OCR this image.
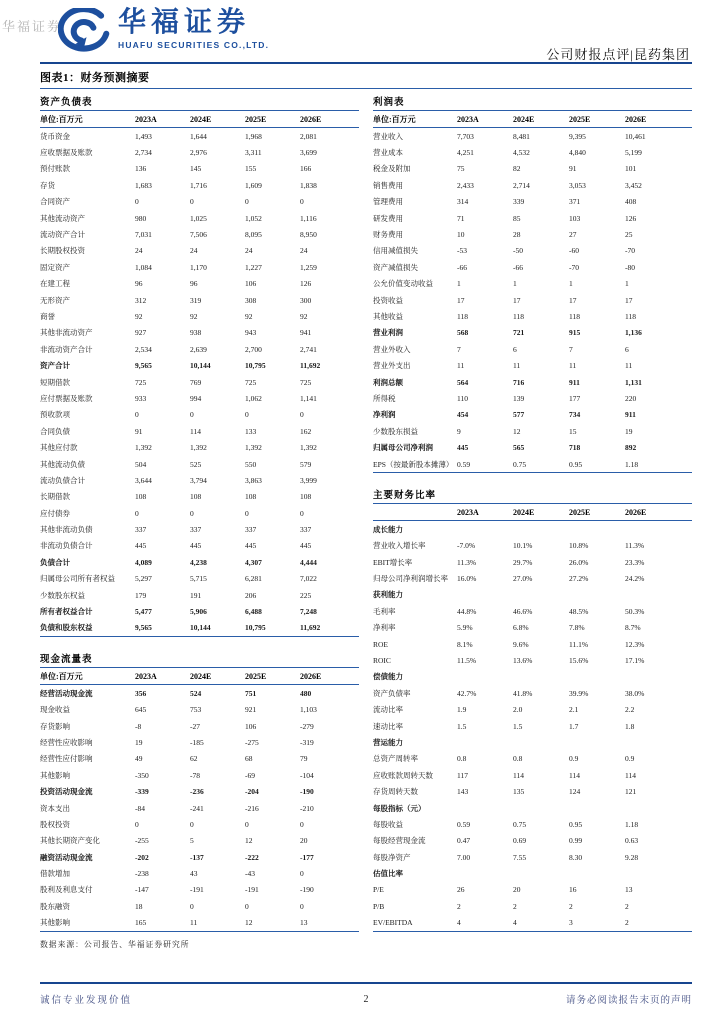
华福证券 华福证券
HUAFU SECURITIES CO.,LTD.
公司财报点评|昆药集团
图表1：财务预测摘要
资产负债表
单位:百万元	2023A	2024E	2025E	2026E
货币资金	1,493	1,644	1,968	2,081
应收票据及账款	2,734	2,976	3,311	3,699
预付账款	136	145	155	166
存货	1,683	1,716	1,609	1,838
合同资产	0	0	0	0
其他流动资产	980	1,025	1,052	1,116
流动资产合计	7,031	7,506	8,095	8,950
长期股权投资	24	24	24	24
固定资产	1,084	1,170	1,227	1,259
在建工程	96	96	106	126
无形资产	312	319	308	300
商誉	92	92	92	92
其他非流动资产	927	938	943	941
非流动资产合计	2,534	2,639	2,700	2,741
资产合计	9,565	10,144	10,795	11,692
短期借款	725	769	725	725
应付票据及账款	933	994	1,062	1,141
预收款项	0	0	0	0
合同负债	91	114	133	162
其他应付款	1,392	1,392	1,392	1,392
其他流动负债	504	525	550	579
流动负债合计	3,644	3,794	3,863	3,999
长期借款	108	108	108	108
应付债券	0	0	0	0
其他非流动负债	337	337	337	337
非流动负债合计	445	445	445	445
负债合计	4,089	4,238	4,307	4,444
归属母公司所有者权益	5,297	5,715	6,281	7,022
少数股东权益	179	191	206	225
所有者权益合计	5,477	5,906	6,488	7,248
负债和股东权益	9,565	10,144	10,795	11,692
现金流量表
单位:百万元	2023A	2024E	2025E	2026E
经营活动现金流	356	524	751	480
现金收益	645	753	921	1,103
存货影响	-8	-27	106	-279
经营性应收影响	19	-185	-275	-319
经营性应付影响	49	62	68	79
其他影响	-350	-78	-69	-104
投资活动现金流	-339	-236	-204	-190
资本支出	-84	-241	-216	-210
股权投资	0	0	0	0
其他长期资产变化	-255	5	12	20
融资活动现金流	-202	-137	-222	-177
借款增加	-238	43	-43	0
股利及利息支付	-147	-191	-191	-190
股东融资	18	0	0	0
其他影响	165	11	12	13
数据来源：公司报告、华福证券研究所
利润表
单位:百万元	2023A	2024E	2025E	2026E
营业收入	7,703	8,481	9,395	10,461
营业成本	4,251	4,532	4,840	5,199
税金及附加	75	82	91	101
销售费用	2,433	2,714	3,053	3,452
管理费用	314	339	371	408
研发费用	71	85	103	126
财务费用	10	28	27	25
信用减值损失	-53	-50	-60	-70
资产减值损失	-66	-66	-70	-80
公允价值变动收益	1	1	1	1
投资收益	17	17	17	17
其他收益	118	118	118	118
营业利润	568	721	915	1,136
营业外收入	7	6	7	6
营业外支出	11	11	11	11
利润总额	564	716	911	1,131
所得税	110	139	177	220
净利润	454	577	734	911
少数股东损益	9	12	15	19
归属母公司净利润	445	565	718	892
EPS（按最新股本摊薄） 0.59	0.75	0.95	1.18
主要财务比率
2023A	2024E	2025E	2026E
成长能力
营业收入增长率	-7.0%	10.1%	10.8%	11.3%
EBIT增长率	11.3%	29.7%	26.0%	23.3%
归母公司净利润增长率	16.0%	27.0%	27.2%	24.2%
获利能力
毛利率	44.8%	46.6%	48.5%	50.3%
净利率	5.9%	6.8%	7.8%	8.7%
ROE	8.1%	9.6%	11.1%	12.3%
ROIC	11.5%	13.6%	15.6%	17.1%
偿债能力
资产负债率	42.7%	41.8%	39.9%	38.0%
流动比率	1.9	2.0	2.1	2.2
速动比率	1.5	1.5	1.7	1.8
营运能力
总资产周转率	0.8	0.8	0.9	0.9
应收账款周转天数	117	114	114	114
存货周转天数	143	135	124	121
每股指标（元）
每股收益	0.59	0.75	0.95	1.18
每股经营现金流	0.47	0.69	0.99	0.63
每股净资产	7.00	7.55	8.30	9.28
估值比率
P/E	26	20	16	13
P/B	2	2	2	2
EV/EBITDA	4	4	3	2
诚信专业发现价值	2	请务必阅读报告末页的声明
